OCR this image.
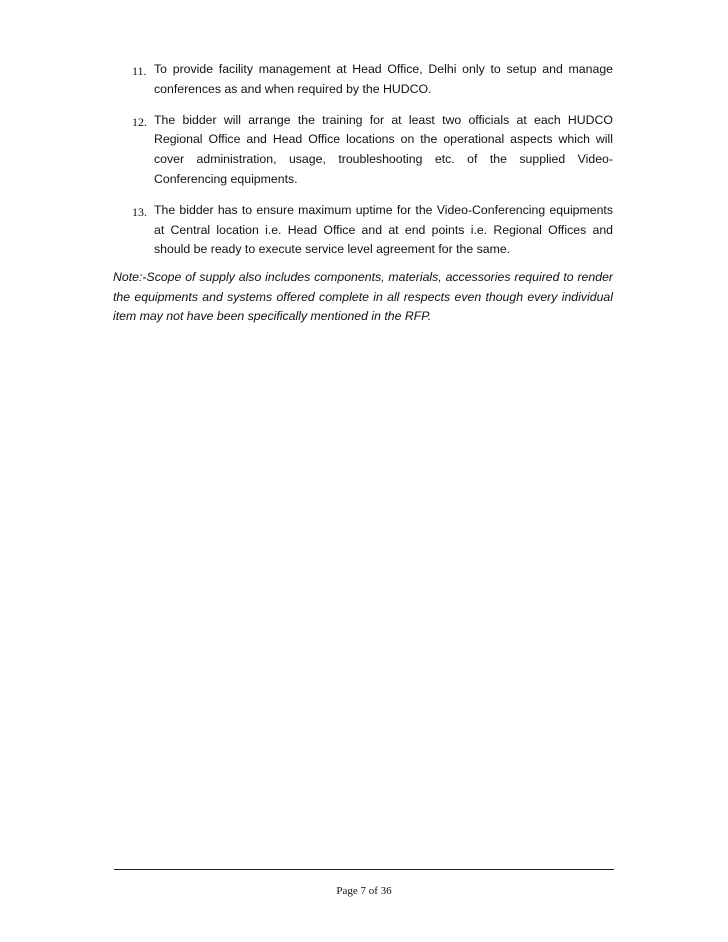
11. To provide facility management at Head Office, Delhi only to setup and manage conferences as and when required by the HUDCO.
12. The bidder will arrange the training for at least two officials at each HUDCO Regional Office and Head Office locations on the operational aspects which will cover administration, usage, troubleshooting etc. of the supplied Video-Conferencing equipments.
13. The bidder has to ensure maximum uptime for the Video-Conferencing equipments at Central location i.e. Head Office and at end points i.e. Regional Offices and should be ready to execute service level agreement for the same.

Note:-Scope of supply also includes components, materials, accessories required to render the equipments and systems offered complete in all respects even though every individual item may not have been specifically mentioned in the RFP.

Page 7 of 36
